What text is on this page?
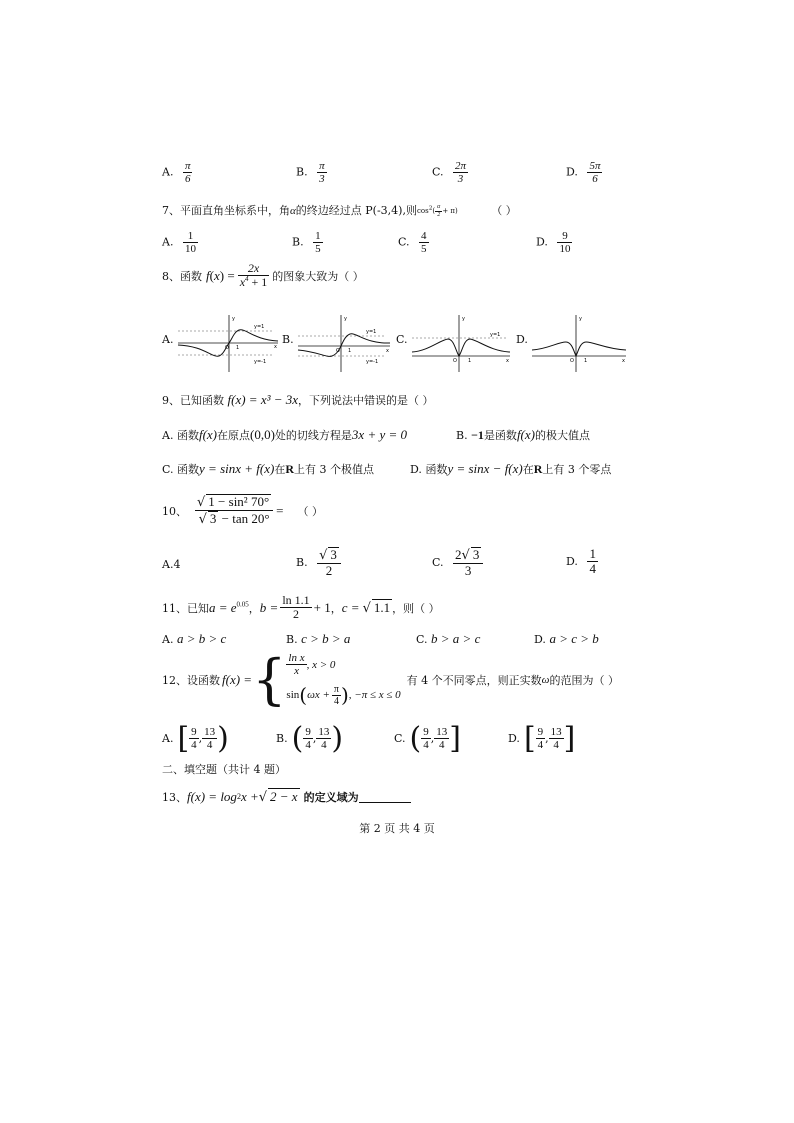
A. $\frac{\pi}{6}$	B. $\frac{\pi}{3}$	C. $\frac{2\pi}{3}$	D. $\frac{5\pi}{6}$
7、平面直角坐标系中，角α的终边经过点 P(-3,4),则$\cos^2( \frac{\alpha}{2} + \pi)$	（ ）
A. $\frac{1}{10}$	B. $\frac{1}{5}$	C. $\frac{4}{5}$	D. $\frac{9}{10}$
8、 函数 $f(x) = \frac{2x}{x^4 + 1}$ 的图象大致为（ ）
A.
y
x
y=1
y=-1
O 1
B.
y
x
y=1
y=-1
O 1
C.
y
x
y=1
O 1
D.
y
x
O 1
9、已知函数 f(x) = x³ − 3x，下列说法中错误的是（ ）
A. 函数f(x)在原点(0,0)处的切线方程是3x + y = 0	B. −1是函数f(x)的极大值点
C. 函数y = sinx + f(x)在R上有 3 个极值点	D. 函数y = sinx − f(x)在R上有 3 个零点
10、 $\frac{\text{√ 1 − sin² 70°}}{√ 3 - \tan 20^\circ}$ = （ ）
A.4	B. $\frac{√ 3}{2}$	C. $\frac{2√ 3}{3}$	D. $\frac{1}{4}$
11、 已知 $a = e^{0.05}$ ， $b = \frac{\ln 1.1}{2} + 1$ ， c = √ 1.1 ，则（ ）
A. a > b > c	B. c > b > a	C. b > a > c	D. a > c > b
12、 设函数 f(x) = { $\frac{\text{ln x}}{x}$ , x > 0
sin ( $\omega x + \frac{\pi}{4}$ ) , −π ≤ x ≤ 0
有 4 个不同零点，则正实数 ω 的范围为（ ）
A. [ $\frac{9}{4}$ , $\frac{13}{4}$ )	B. ( $\frac{9}{4}$ , $\frac{13}{4}$ )	C. ( $\frac{9}{4}$ , $\frac{13}{4}$ ]	D. [ $\frac{9}{4}$ , $\frac{13}{4}$ ]
二、填空题（共计 4 题）
13、 f(x) = log 2 x + √ 2 − x 的定义域为
第 2 页 共 4 页
